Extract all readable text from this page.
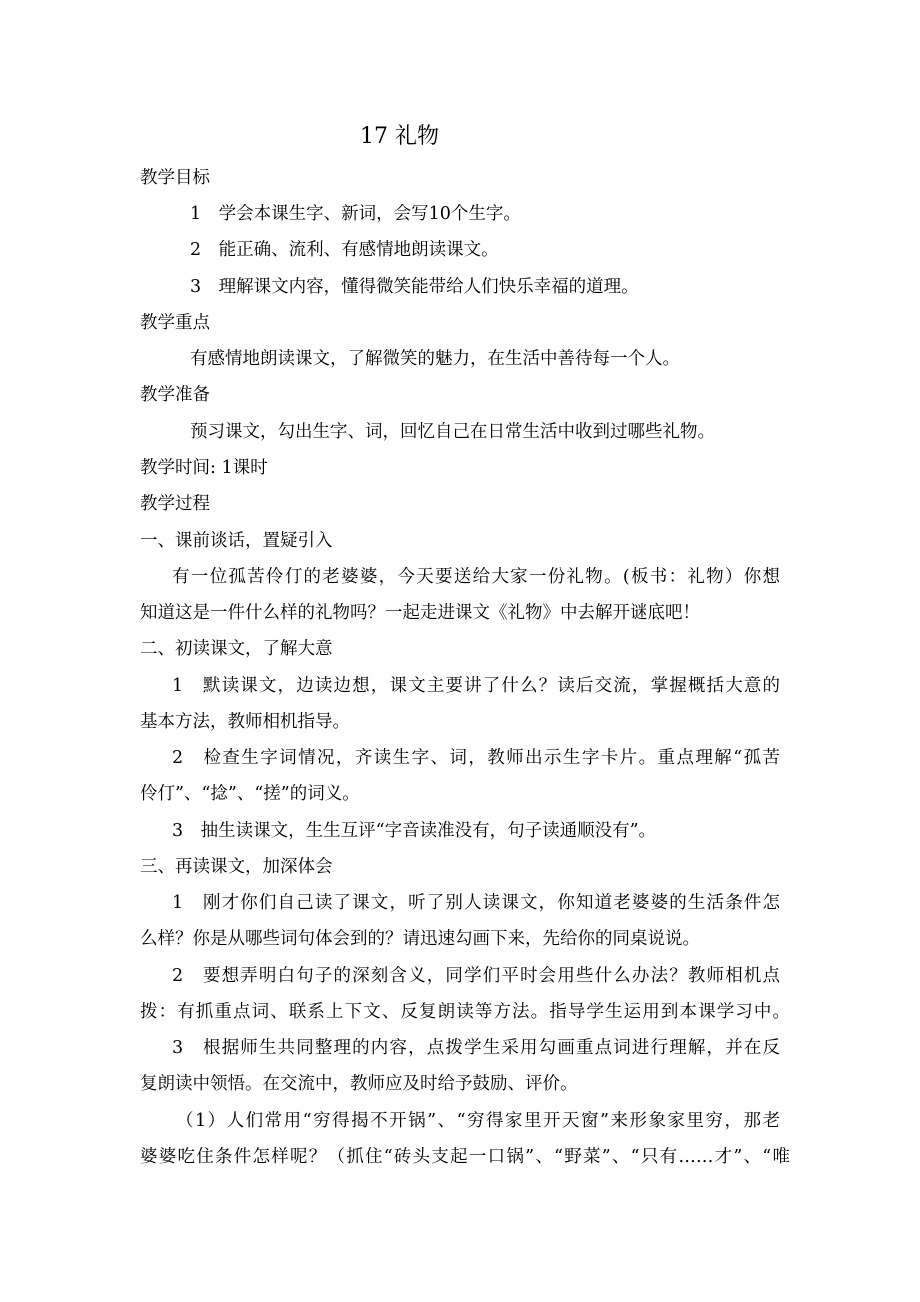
17 礼物

教学目标

1　学会本课生字、新词，会写10个生字。

2　能正确、流利、有感情地朗读课文。

3　理解课文内容，懂得微笑能带给人们快乐幸福的道理。

教学重点

有感情地朗读课文，了解微笑的魅力，在生活中善待每一个人。

教学准备

预习课文，勾出生字、词，回忆自己在日常生活中收到过哪些礼物。

教学时间: 1课时

教学过程

一、课前谈话，置疑引入

有一位孤苦伶仃的老婆婆，今天要送给大家一份礼物。(板书：礼物）你想

知道这是一件什么样的礼物吗？一起走进课文《礼物》中去解开谜底吧！

二、初读课文，了解大意

1　默读课文，边读边想，课文主要讲了什么？读后交流，掌握概括大意的

基本方法，教师相机指导。

2　检查生字词情况，齐读生字、词，教师出示生字卡片。重点理解“孤苦

伶仃”、“捻”、“搓”的词义。

3　抽生读课文，生生互评“字音读准没有，句子读通顺没有”。

三、再读课文，加深体会

1　刚才你们自己读了课文，听了别人读课文，你知道老婆婆的生活条件怎

么样？你是从哪些词句体会到的？请迅速勾画下来，先给你的同桌说说。

2　要想弄明白句子的深刻含义，同学们平时会用些什么办法？教师相机点

拨：有抓重点词、联系上下文、反复朗读等方法。指导学生运用到本课学习中。

3　根据师生共同整理的内容，点拨学生采用勾画重点词进行理解，并在反

复朗读中领悟。在交流中，教师应及时给予鼓励、评价。

（1）人们常用“穷得揭不开锅”、“穷得家里开天窗”来形象家里穷，那老

婆婆吃住条件怎样呢？（抓住“砖头支起一口锅”、“野菜”、“只有……才”、“唯
